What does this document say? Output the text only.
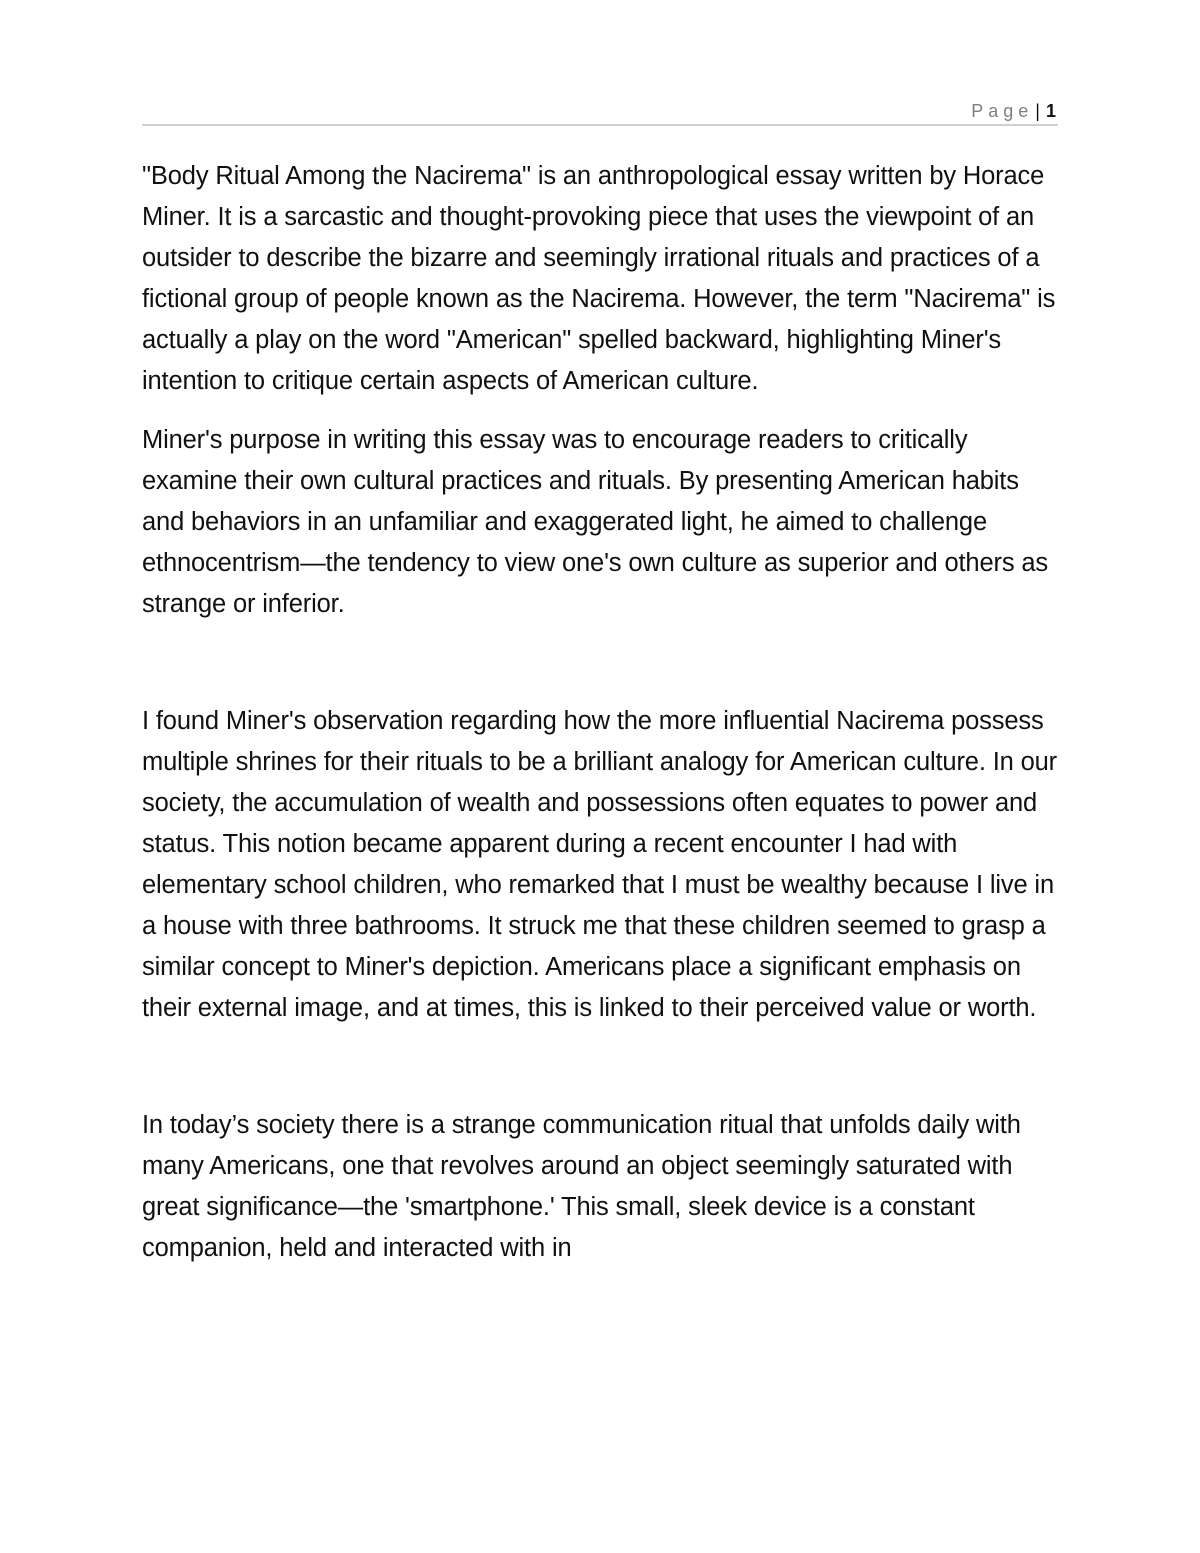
Page | 1

"Body Ritual Among the Nacirema" is an anthropological essay written by Horace Miner. It is a sarcastic and thought-provoking piece that uses the viewpoint of an outsider to describe the bizarre and seemingly irrational rituals and practices of a fictional group of people known as the Nacirema. However, the term "Nacirema" is actually a play on the word "American" spelled backward, highlighting Miner's intention to critique certain aspects of American culture.

Miner's purpose in writing this essay was to encourage readers to critically examine their own cultural practices and rituals. By presenting American habits and behaviors in an unfamiliar and exaggerated light, he aimed to challenge ethnocentrism—the tendency to view one's own culture as superior and others as strange or inferior.

I found Miner's observation regarding how the more influential Nacirema possess multiple shrines for their rituals to be a brilliant analogy for American culture. In our society, the accumulation of wealth and possessions often equates to power and status. This notion became apparent during a recent encounter I had with elementary school children, who remarked that I must be wealthy because I live in a house with three bathrooms. It struck me that these children seemed to grasp a similar concept to Miner's depiction. Americans place a significant emphasis on their external image, and at times, this is linked to their perceived value or worth.

In today’s society there is a strange communication ritual that unfolds daily with many Americans, one that revolves around an object seemingly saturated with great significance—the 'smartphone.' This small, sleek device is a constant companion, held and interacted with in
